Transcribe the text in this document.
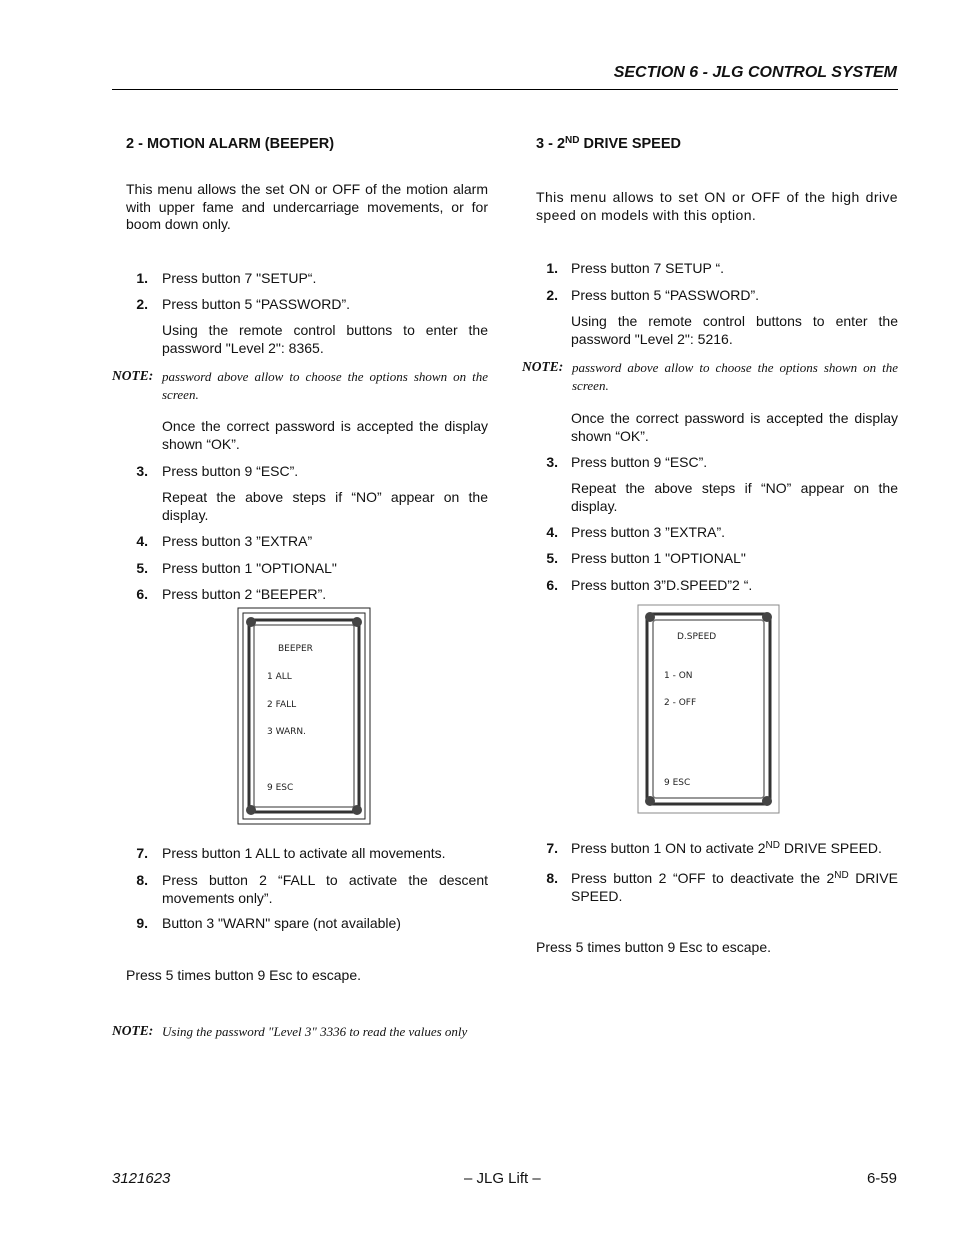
SECTION 6 - JLG CONTROL SYSTEM
2 - MOTION ALARM (BEEPER)
This menu allows the set ON or OFF of the motion alarm with upper fame and undercarriage movements, or for boom down only.
1. Press button 7 "SETUP“.
2. Press button 5 “PASSWORD”.
Using the remote control buttons to enter the password "Level 2": 8365.
NOTE: password above allow to choose the options shown on the screen.
Once the correct password is accepted the display shown “OK”.
3. Press button 9 “ESC”.
Repeat the above steps if “NO” appear on the display.
4. Press button 3 ”EXTRA”
5. Press button 1 "OPTIONAL"
6. Press button 2 “BEEPER”.
BEEPER
1 ALL
2 FALL
3 WARN.
9 ESC
7. Press button 1 ALL to activate all movements.
8. Press button 2 “FALL to activate the descent movements only”.
9. Button 3 "WARN" spare (not available)
Press 5 times button 9 Esc to escape.
NOTE: Using the password "Level 3" 3336 to read the values only
3 - 2ND DRIVE SPEED
This menu allows to set ON or OFF of the high drive speed on models with this option.
1. Press button 7 SETUP “.
2. Press button 5 “PASSWORD”.
Using the remote control buttons to enter the password "Level 2": 5216.
NOTE: password above allow to choose the options shown on the screen.
Once the correct password is accepted the display shown “OK”.
3. Press button 9 “ESC”.
Repeat the above steps if “NO” appear on the display.
4. Press button 3 ”EXTRA”.
5. Press button 1 "OPTIONAL"
6. Press button 3”D.SPEED”2 “.
D.SPEED
1 - ON
2 - OFF
9 ESC
7. Press button 1 ON to activate 2ND DRIVE SPEED.
8. Press button 2 “OFF to deactivate the 2ND DRIVE SPEED.
Press 5 times button 9 Esc to escape.
3121623	– JLG Lift –	6-59
